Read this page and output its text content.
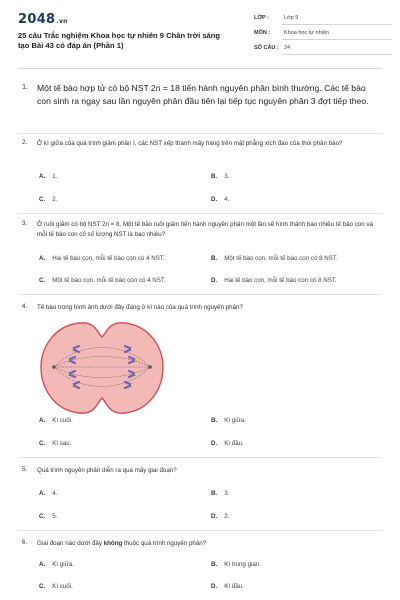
2048.vn
25 câu Trắc nghiệm Khoa học tự nhiên 9 Chân trời sáng tạo Bài 43 có đáp án (Phần 1)
LỚP :	Lớp 9
MÔN :	Khoa học tự nhiên
SỐ CÂU : 24
1. Một tế bào hợp tử có bộ NST 2n = 18 tiến hành nguyên phân bình thường. Các tế bào con sinh ra ngay sau lần nguyên phân đầu tiên lại tiếp tục nguyên phân 3 đợt tiếp theo.
2. Ở kì giữa của quá trình giảm phân I, các NST xếp thành mấy hàng trên mặt phẳng xích đạo của thoi phân bào?
A. 1.	B. 3.
C. 2.	D. 4.
3. Ở ruồi giấm có bộ NST 2n = 8. Một tế bào ruồi giấm tiến hành nguyên phân một lần sẽ hình thành bao nhiêu tế bào con và mỗi tế bào con có số lượng NST là bao nhiêu?
A. Hai tế bào con, mỗi tế bào con có 4 NST.	B. Một tế bào con, mỗi tế bào con có 8 NST.
C. Một tế bào con, mỗi tế bào con có 4 NST.	D. Hai tế bào con, mỗi tế bào con có 8 NST.
4. Tế bào trong hình ảnh dưới đây đang ở kì nào của quá trình nguyên phân?
A. Kì cuối.	B. Kì giữa.
C. Kì sau.	D. Kì đầu.
5. Quá trình nguyên phân diễn ra qua mấy giai đoạn?
A. 4.	B. 3.
C. 5.	D. 2.
6. Giai đoạn nào dưới đây không thuộc quá trình nguyên phân?
A. Kì giữa.	B. Kì trung gian.
C. Kì cuối.	D. Kì đầu.
